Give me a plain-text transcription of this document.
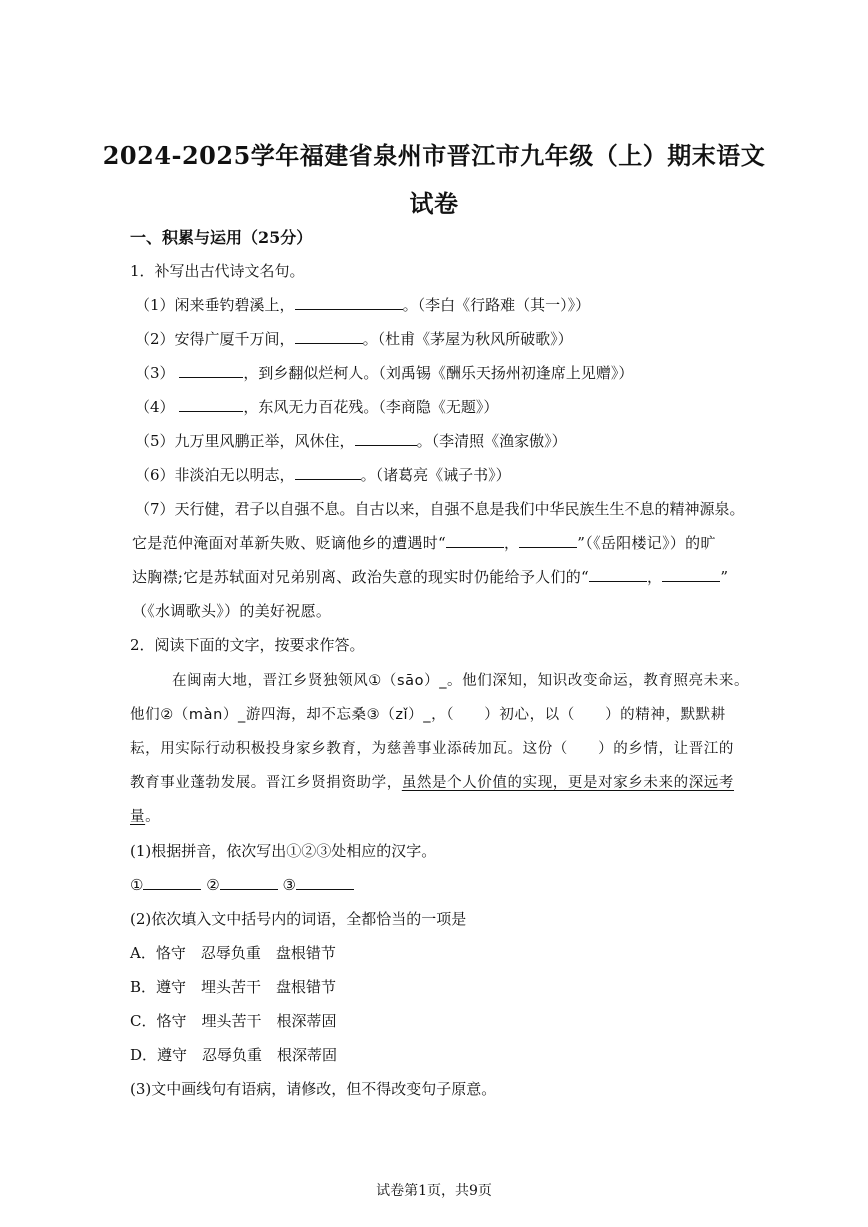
2024-2025学年福建省泉州市晋江市九年级（上）期末语文
试卷
一、积累与运用（25分）
1．补写出古代诗文名句。
（1）闲来垂钓碧溪上，	。（李白《行路难（其一）》）
（2）安得广厦千万间，	。（杜甫《茅屋为秋风所破歌》）
（3）	，到乡翻似烂柯人。（刘禹锡《酬乐天扬州初逢席上见赠》）
（4）	，东风无力百花残。（李商隐《无题》）
（5）九万里风鹏正举，风休住，	。（李清照《渔家傲》）
（6）非淡泊无以明志，	。（诸葛亮《诫子书》）
（7）天行健，君子以自强不息。自古以来，自强不息是我们中华民族生生不息的精神源泉。
它是范仲淹面对革新失败、贬谪他乡的遭遇时“	，	”（《岳阳楼记》）的旷
达胸襟;它是苏轼面对兄弟别离、政治失意的现实时仍能给予人们的“	，	”
（《水调歌头》）的美好祝愿。
2．阅读下面的文字，按要求作答。
在闽南大地，晋江乡贤独领风①（sāo）_。他们深知，知识改变命运，教育照亮未来。
他们②（màn）_游四海，却不忘桑③（zǐ）_，（　　）初心，以（　　）的精神，默默耕
耘，用实际行动积极投身家乡教育，为慈善事业添砖加瓦。这份（　　）的乡情，让晋江的
教育事业蓬勃发展。晋江乡贤捐资助学，虽然是个人价值的实现，更是对家乡未来的深远考
量。
(1)根据拼音，依次写出①②③处相应的汉字。
①	②	③
(2)依次填入文中括号内的词语，全都恰当的一项是
A．恪守　忍辱负重　盘根错节
B．遵守　埋头苦干　盘根错节
C．恪守　埋头苦干　根深蒂固
D．遵守　忍辱负重　根深蒂固
(3)文中画线句有语病，请修改，但不得改变句子原意。
试卷第1页，共9页
